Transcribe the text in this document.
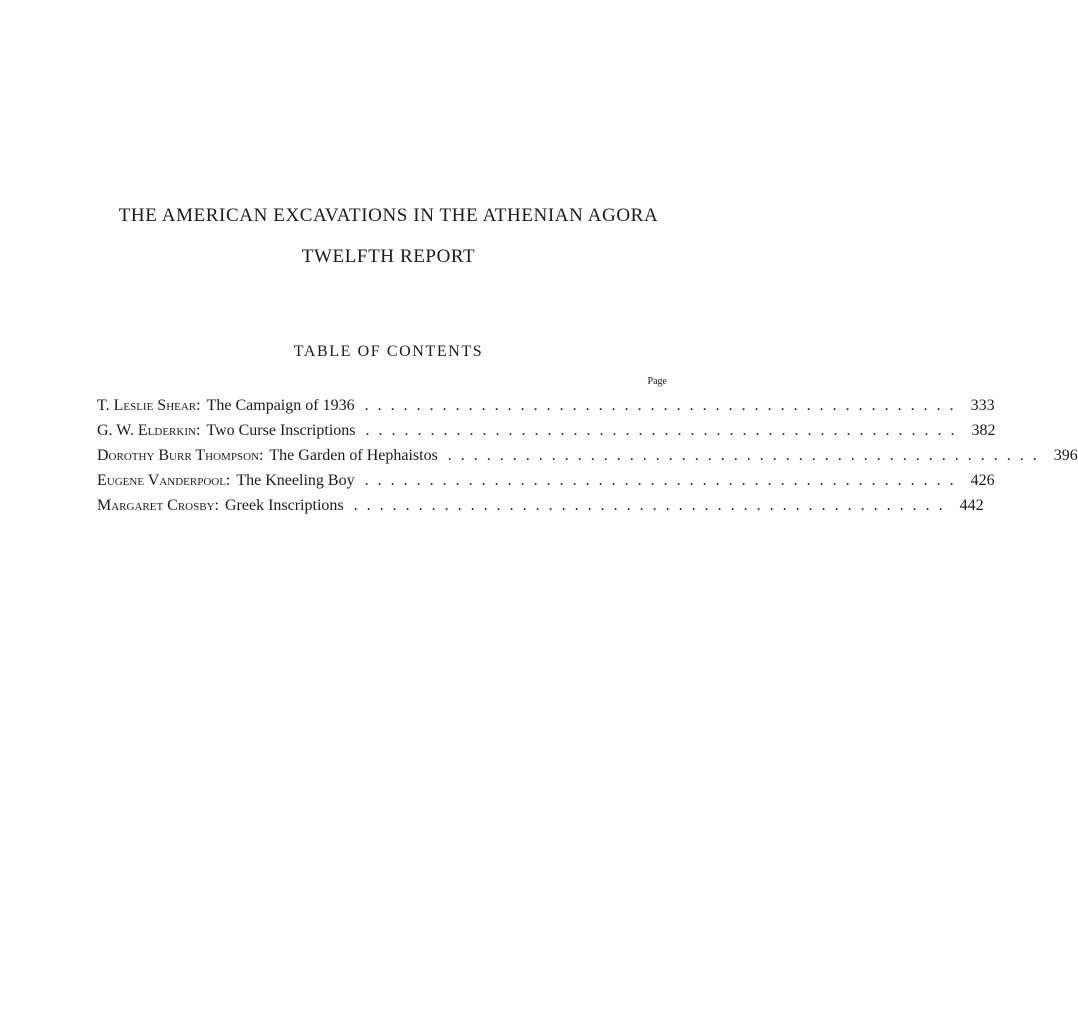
THE AMERICAN EXCAVATIONS IN THE ATHENIAN AGORA
TWELFTH REPORT
TABLE OF CONTENTS
Page
T. Leslie Shear : The Campaign of 1936 .............................................. 333
G. W. Elderkin : Two Curse Inscriptions .............................................. 382
Dorothy Burr Thompson : The Garden of Hephaistos .............................................. 396
Eugene Vanderpool : The Kneeling Boy .............................................. 426
Margaret Crosby : Greek Inscriptions .............................................. 442
